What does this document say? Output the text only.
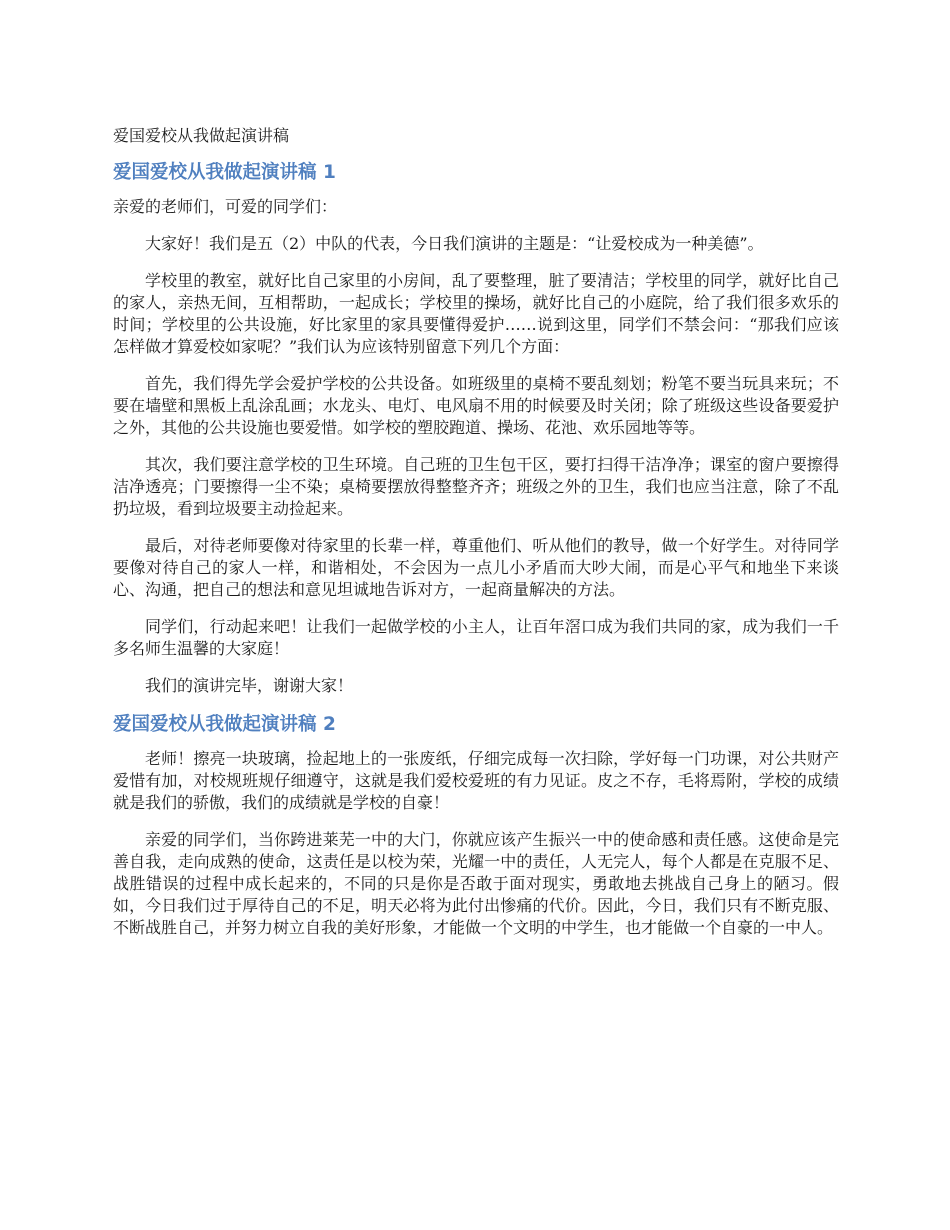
爱国爱校从我做起演讲稿
爱国爱校从我做起演讲稿 1

亲爱的老师们，可爱的同学们：

大家好！我们是五（2）中队的代表，今日我们演讲的主题是：“让爱校成为一种美德”。

学校里的教室，就好比自己家里的小房间，乱了要整理，脏了要清洁；学校里的同学，就好比自己的家人，亲热无间，互相帮助，一起成长；学校里的操场，就好比自己的小庭院，给了我们很多欢乐的时间；学校里的公共设施，好比家里的家具要懂得爱护……说到这里，同学们不禁会问：“那我们应该怎样做才算爱校如家呢？”我们认为应该特别留意下列几个方面：

首先，我们得先学会爱护学校的公共设备。如班级里的桌椅不要乱刻划；粉笔不要当玩具来玩；不要在墙壁和黑板上乱涂乱画；水龙头、电灯、电风扇不用的时候要及时关闭；除了班级这些设备要爱护之外，其他的公共设施也要爱惜。如学校的塑胶跑道、操场、花池、欢乐园地等等。

其次，我们要注意学校的卫生环境。自己班的卫生包干区，要打扫得干洁净净；课室的窗户要擦得洁净透亮；门要擦得一尘不染；桌椅要摆放得整整齐齐；班级之外的卫生，我们也应当注意，除了不乱扔垃圾，看到垃圾要主动捡起来。

最后，对待老师要像对待家里的长辈一样，尊重他们、听从他们的教导，做一个好学生。对待同学要像对待自己的家人一样，和谐相处，不会因为一点儿小矛盾而大吵大闹，而是心平气和地坐下来谈心、沟通，把自己的想法和意见坦诚地告诉对方，一起商量解决的方法。

同学们，行动起来吧！让我们一起做学校的小主人，让百年滘口成为我们共同的家，成为我们一千多名师生温馨的大家庭！

我们的演讲完毕，谢谢大家！

爱国爱校从我做起演讲稿 2

老师！擦亮一块玻璃，捡起地上的一张废纸，仔细完成每一次扫除，学好每一门功课，对公共财产爱惜有加，对校规班规仔细遵守，这就是我们爱校爱班的有力见证。皮之不存，毛将焉附，学校的成绩就是我们的骄傲，我们的成绩就是学校的自豪！

亲爱的同学们，当你跨进莱芜一中的大门，你就应该产生振兴一中的使命感和责任感。这使命是完善自我，走向成熟的使命，这责任是以校为荣，光耀一中的责任，人无完人，每个人都是在克服不足、战胜错误的过程中成长起来的，不同的只是你是否敢于面对现实，勇敢地去挑战自己身上的陋习。假如，今日我们过于厚待自己的不足，明天必将为此付出惨痛的代价。因此，今日，我们只有不断克服、不断战胜自己，并努力树立自我的美好形象，才能做一个文明的中学生，也才能做一个自豪的一中人。
